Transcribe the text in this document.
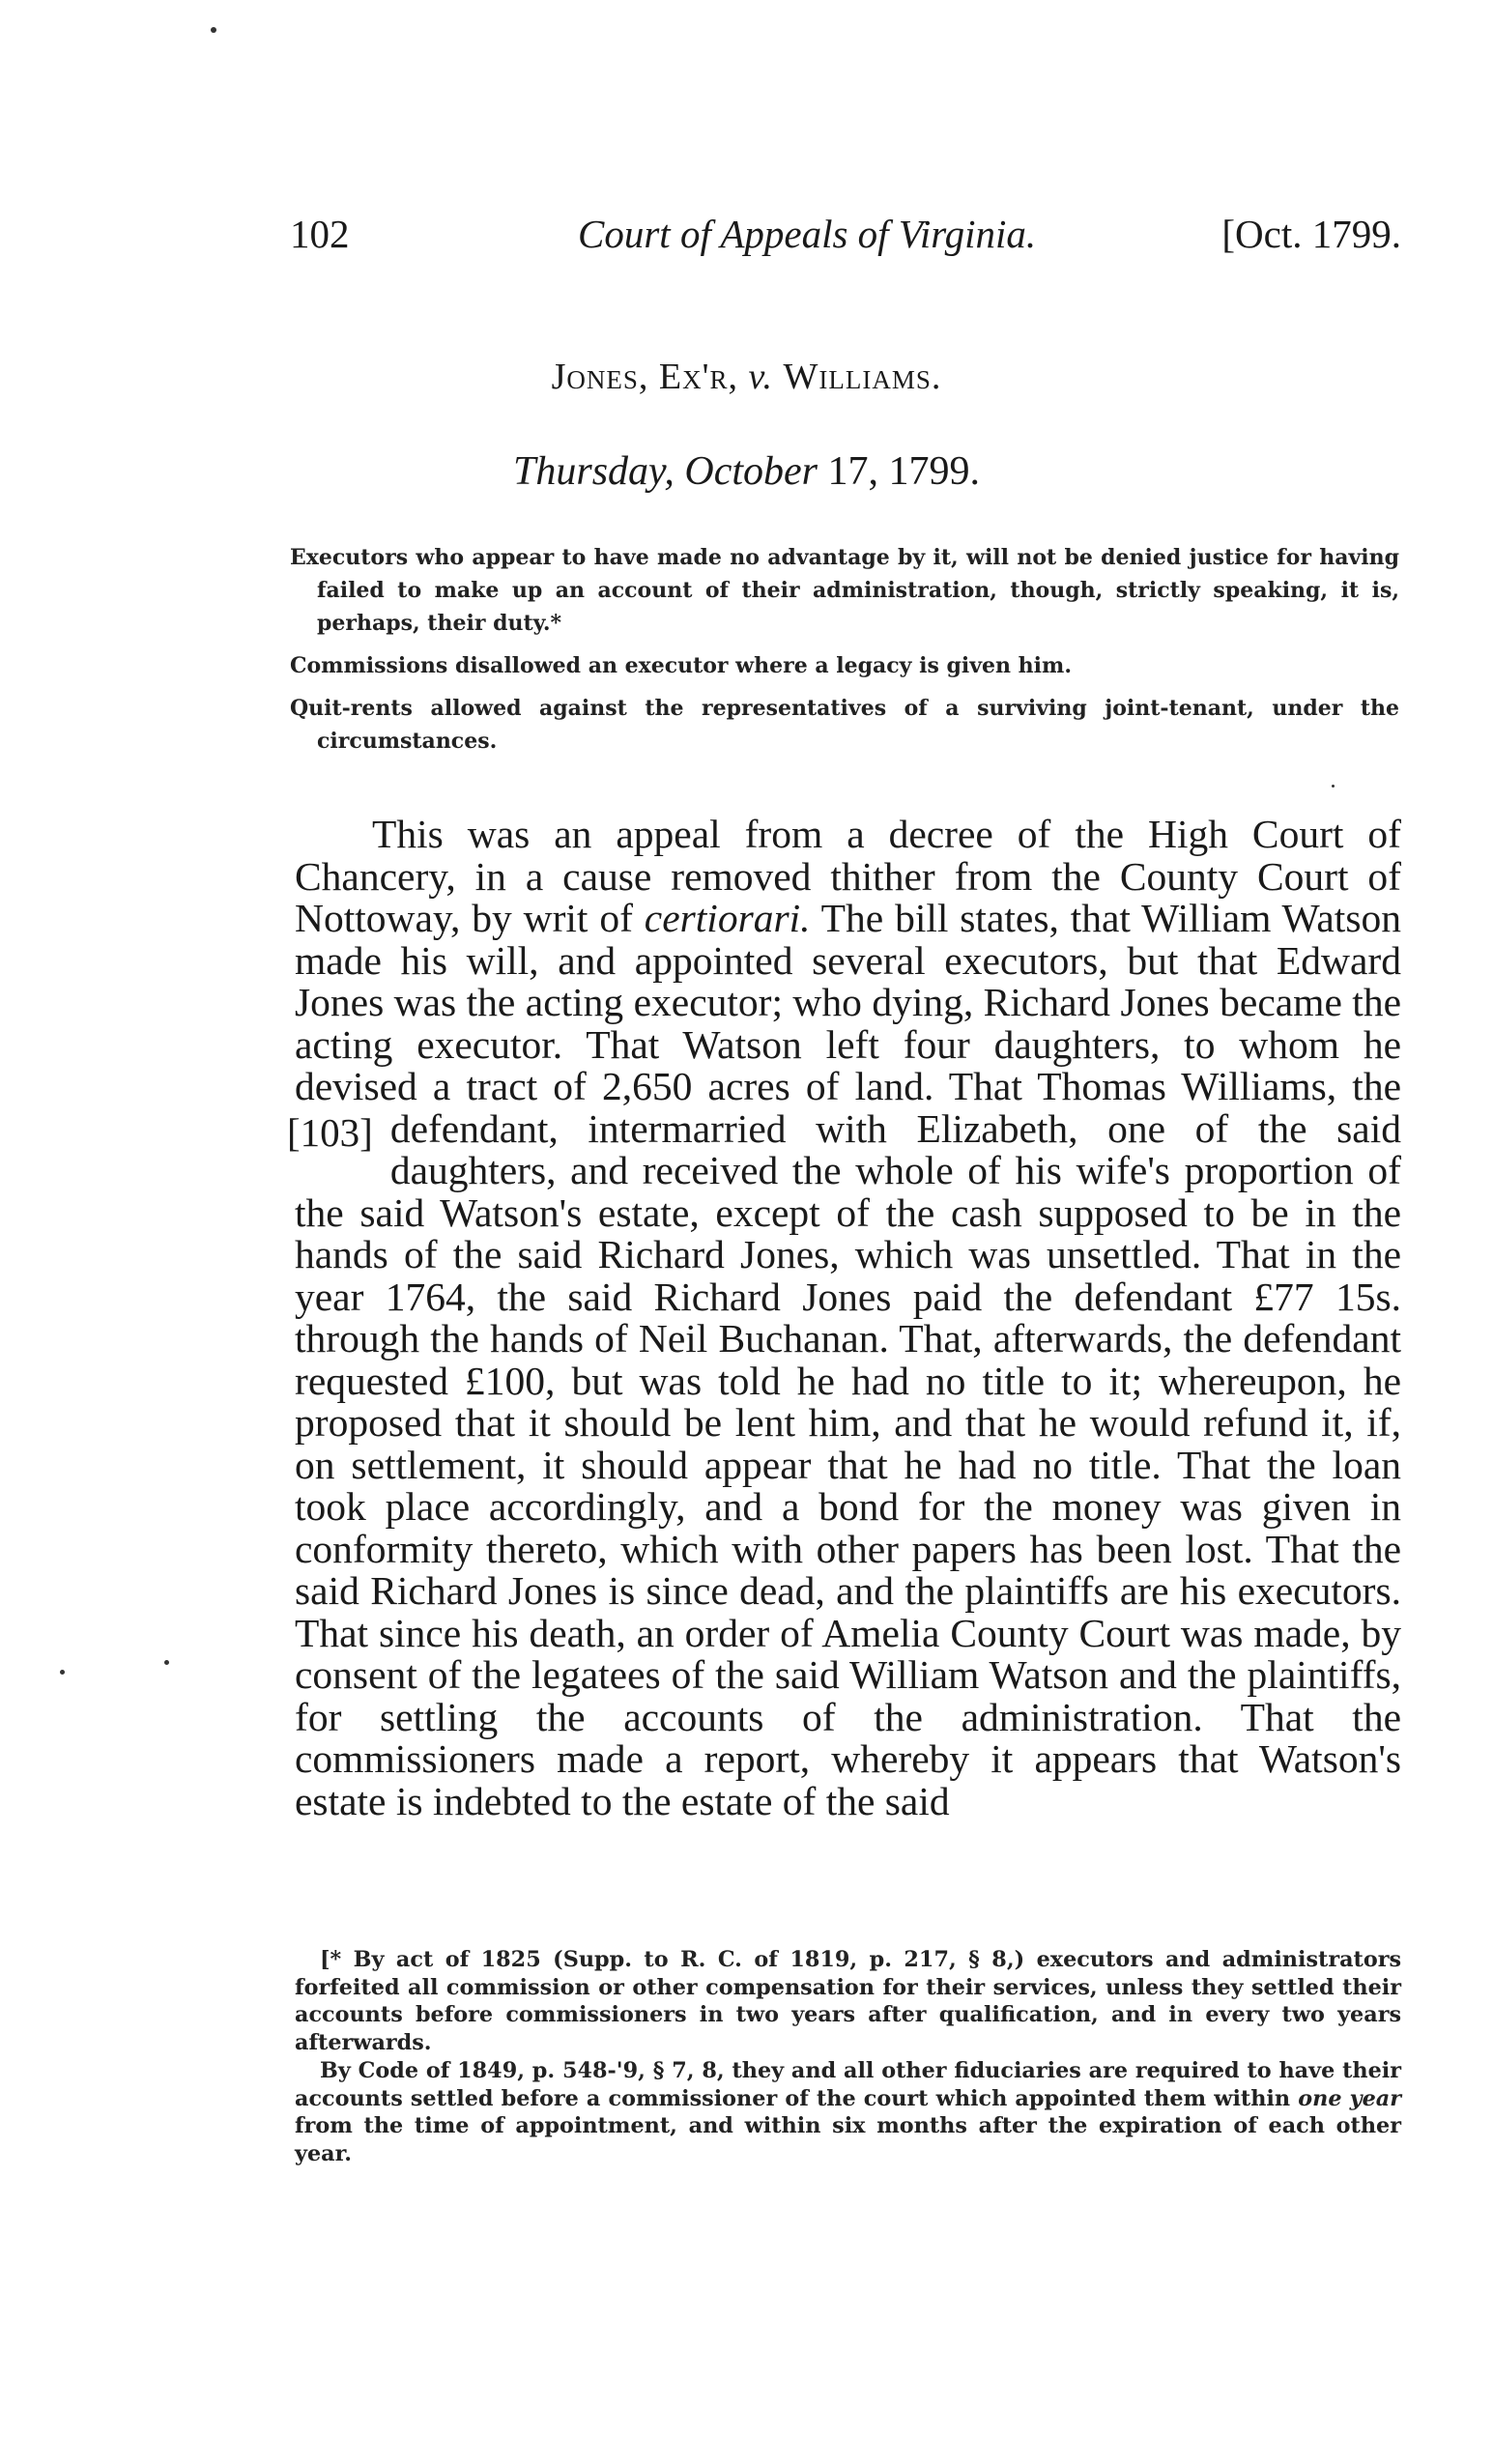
102	Court of Appeals of Virginia.	[Oct. 1799.
Jones, Ex'r, v. Williams.
Thursday, October 17, 1799.
Executors who appear to have made no advantage by it, will not be denied justice for having failed to make up an account of their administration, though, strictly speaking, it is, perhaps, their duty.*
Commissions disallowed an executor where a legacy is given him.
Quit-rents allowed against the representatives of a surviving joint-tenant, under the circumstances.

This was an appeal from a decree of the High Court of Chancery, in a cause removed thither from the County Court of Nottoway, by writ of certiorari. The bill states, that William Watson made his will, and appointed several executors, but that Edward Jones was the acting executor; who dying, Richard Jones became the acting executor. That Watson left four daughters, to whom he devised a tract of 2,650 acres of land. That Thomas Williams, the defendant, intermarried
[103]	with Elizabeth, one of the said daughters, and received the whole of his wife's proportion of the said Watson's estate, except of the cash supposed to be in the hands of the said Richard Jones, which was unsettled. That in the year 1764, the said Richard Jones paid the defendant £77 15s. through the hands of Neil Buchanan. That, afterwards, the defendant requested £100, but was told he had no title to it; whereupon, he proposed that it should be lent him, and that he would refund it, if, on settlement, it should appear that he had no title. That the loan took place accordingly, and a bond for the money was given in conformity thereto, which with other papers has been lost. That the said Richard Jones is since dead, and the plaintiffs are his executors. That since his death, an order of Amelia County Court was made, by consent of the legatees of the said William Watson and the plaintiffs, for settling the accounts of the administration. That the commissioners made a report, whereby it appears that Watson's estate is indebted to the estate of the said

[* By act of 1825 (Supp. to R. C. of 1819, p. 217, § 8,) executors and administrators forfeited all commission or other compensation for their services, unless they settled their accounts before commissioners in two years after qualification, and in every two years afterwards.

By Code of 1849, p. 548-'9, § 7, 8, they and all other fiduciaries are required to have their accounts settled before a commissioner of the court which appointed them within one year from the time of appointment, and within six months after the expiration of each other year.
